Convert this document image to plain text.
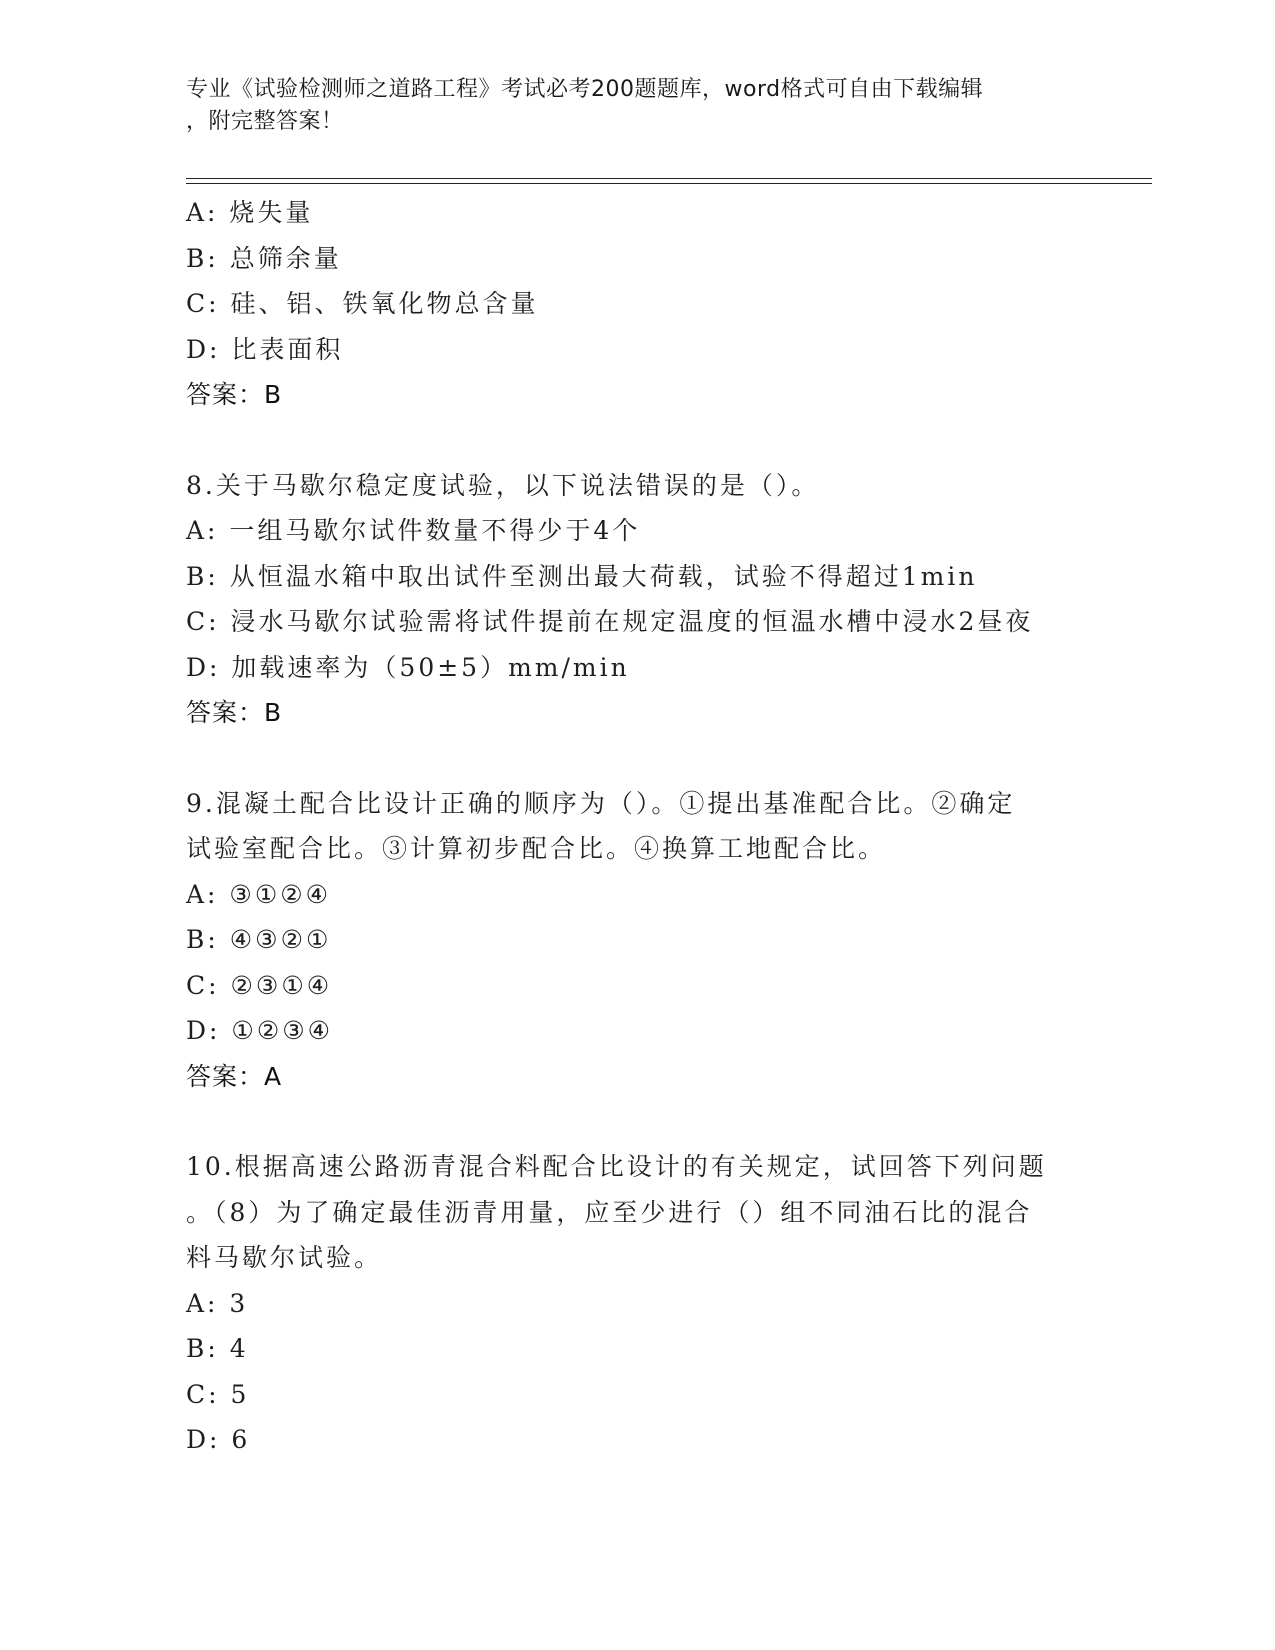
专业《试验检测师之道路工程》考试必考200题题库，word格式可自由下载编辑
，附完整答案！
A: 烧失量
B: 总筛余量
C: 硅、铝、铁氧化物总含量
D: 比表面积
答案：B
8.关于马歇尔稳定度试验，以下说法错误的是（）。
A: 一组马歇尔试件数量不得少于4个
B: 从恒温水箱中取出试件至测出最大荷载，试验不得超过1min
C: 浸水马歇尔试验需将试件提前在规定温度的恒温水槽中浸水2昼夜
D: 加载速率为（50±5）mm/min
答案：B
9.混凝土配合比设计正确的顺序为（）。①提出基准配合比。②确定
试验室配合比。③计算初步配合比。④换算工地配合比。
A: ③①②④
B: ④③②①
C: ②③①④
D: ①②③④
答案：A
10.根据高速公路沥青混合料配合比设计的有关规定，试回答下列问题
。（8）为了确定最佳沥青用量，应至少进行（）组不同油石比的混合
料马歇尔试验。
A: 3
B: 4
C: 5
D: 6
